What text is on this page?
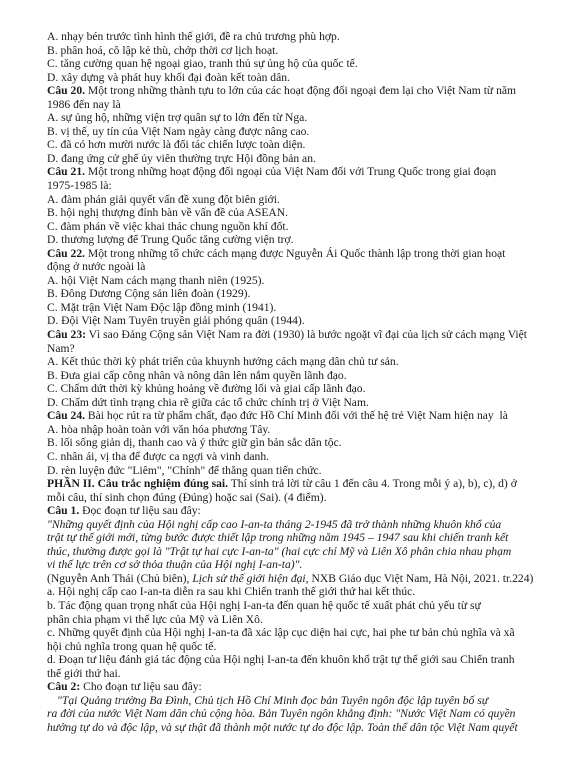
A. nhạy bén trước tình hình thế giới, đề ra chủ trương phù hợp.
B. phân hoá, cô lập kẻ thù, chớp thời cơ lịch hoạt.
C. tăng cường quan hệ ngoại giao, tranh thủ sự ủng hộ của quốc tế.
D. xây dựng và phát huy khối đại đoàn kết toàn dân.
Câu 20. Một trong những thành tựu to lớn của các hoạt động đối ngoại đem lại cho Việt Nam từ năm
1986 đến nay là
A. sự ủng hộ, những viện trợ quân sự to lớn đến từ Nga.
B. vị thế, uy tín của Việt Nam ngày càng được nâng cao.
C. đã có hơn mười nước là đối tác chiến lược toàn diện.
D. đang ứng cử ghế ủy viên thường trực Hội đồng bản an.
Câu 21. Một trong những hoạt động đối ngoại của Việt Nam đối với Trung Quốc trong giai đoạn
1975-1985 là:
A. đàm phán giải quyết vấn đề xung đột biên giới.
B. hội nghị thượng đỉnh bàn về vấn đề của ASEAN.
C. đàm phán về việc khai thác chung nguồn khí đốt.
D. thương lượng để Trung Quốc tăng cường viện trợ.
Câu 22. Một trong những tổ chức cách mạng được Nguyễn Ái Quốc thành lập trong thời gian hoạt
động ở nước ngoài là
A. hội Việt Nam cách mạng thanh niên (1925).
B. Đông Dương Cộng sản liên đoàn (1929).
C. Mặt trận Việt Nam Độc lập đồng minh (1941).
D. Đội Việt Nam Tuyên truyền giải phóng quân (1944).
Câu 23: Vì sao Đảng Cộng sản Việt Nam ra đời (1930) là bước ngoặt vĩ đại của lịch sử cách mạng Việt
Nam?
A. Kết thúc thời kỳ phát triển của khuynh hướng cách mạng dân chủ tư sản.
B. Đưa giai cấp công nhân và nông dân lên nắm quyền lãnh đạo.
C. Chấm dứt thời kỳ khủng hoảng về đường lối và giai cấp lãnh đạo.
D. Chấm dứt tình trạng chia rẽ giữa các tổ chức chính trị ở Việt Nam.
Câu 24. Bài học rút ra từ phẩm chất, đạo đức Hồ Chí Minh đối với thế hệ trẻ Việt Nam hiện nay  là
A. hòa nhập hoàn toàn với văn hóa phương Tây.
B. lối sống giản dị, thanh cao và ý thức giữ gìn bản sắc dân tộc.
C. nhân ái, vị tha để được ca ngợi và vinh danh.
D. rèn luyện đức "Liêm", "Chính" để thăng quan tiến chức.
PHẦN II. Câu trắc nghiệm đúng sai. Thí sinh trả lời từ câu 1 đến câu 4. Trong mỗi ý a), b), c), d) ở
mỗi câu, thí sinh chọn đúng (Đúng) hoặc sai (Sai). (4 điểm).
Câu 1. Đọc đoạn tư liệu sau đây:
"Những quyết định của Hội nghị cấp cao I-an-ta tháng 2-1945 đã trở thành những khuôn khổ của
trật tự thế giới mới, từng bước được thiết lập trong những năm 1945 – 1947 sau khi chiến tranh kết
thúc, thường được gọi là "Trật tự hai cực I-an-ta" (hai cực chỉ Mỹ và Liên Xô phân chia nhau phạm
vi thế lực trên cơ sở thỏa thuận của Hội nghị I-an-ta)".
(Nguyễn Anh Thái (Chủ biên), Lịch sử thế giới hiện đại, NXB Giáo dục Việt Nam, Hà Nội, 2021. tr.224)
a. Hội nghị cấp cao I-an-ta diễn ra sau khi Chiến tranh thế giới thứ hai kết thúc.
b. Tác động quan trọng nhất của Hội nghị I-an-ta đến quan hệ quốc tế xuất phát chủ yếu từ sự
phân chia phạm vi thế lực của Mỹ và Liên Xô.
c. Những quyết định của Hội nghị I-an-ta đã xác lập cục diện hai cực, hai phe tư bản chủ nghĩa và xã
hội chủ nghĩa trong quan hệ quốc tế.
d. Đoạn tư liệu đánh giá tác động của Hội nghị I-an-ta đến khuôn khổ trật tự thế giới sau Chiến tranh
thế giới thứ hai.
Câu 2: Cho đoạn tư liệu sau đây:
"Tại Quảng trường Ba Đình, Chủ tịch Hồ Chí Minh đọc bản Tuyên ngôn độc lập tuyên bố sự
ra đời của nước Việt Nam dân chủ cộng hòa. Bản Tuyên ngôn khẳng định: "Nước Việt Nam có quyền
hưởng tự do và độc lập, và sự thật đã thành một nước tự do độc lập. Toàn thể dân tộc Việt Nam quyết
